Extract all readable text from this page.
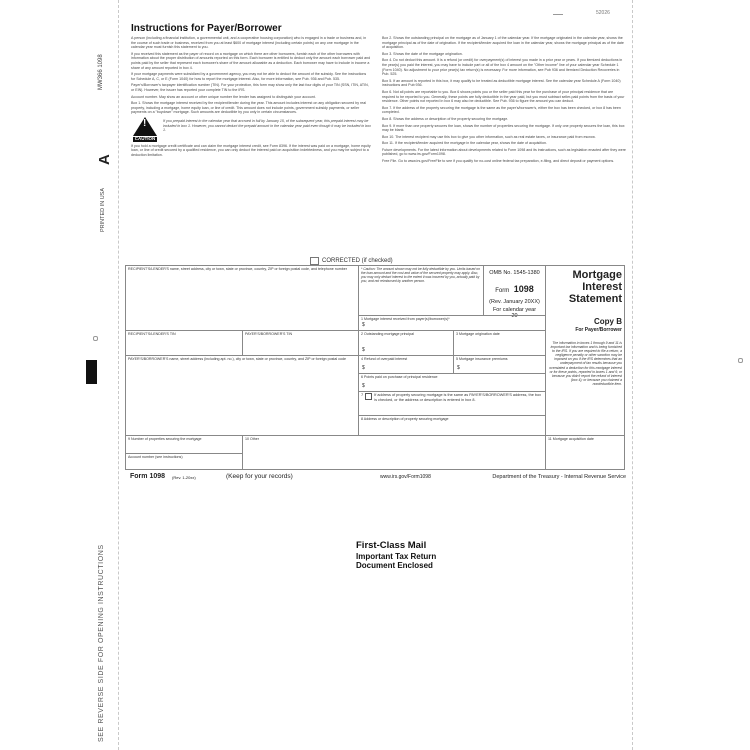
MW366 1098
A
PRINTED IN USA
SEE REVERSE SIDE FOR OPENING INSTRUCTIONS
52026
Instructions for Payer/Borrower

A person (including a financial institution, a governmental unit, and a cooperative housing corporation) who is engaged in a trade or business and, in the course of such trade or business, received from you at least $600 of mortgage interest (including certain points) on any one mortgage in the calendar year must furnish this statement to you.

If you received this statement as the payer of record on a mortgage on which there are other borrowers, furnish each of the other borrowers with information about the proper distribution of amounts reported on this form. Each borrower is entitled to deduct only the amount each borrower paid and points paid by the seller that represent each borrower's share of the amount allowable as a deduction. Each borrower may have to include in income a share of any amount reported in box 4.

If your mortgage payments were subsidized by a government agency, you may not be able to deduct the amount of the subsidy. See the instructions for Schedule A, C, or E (Form 1040) for how to report the mortgage interest. Also, for more information, see Pub. 936 and Pub. 535.

Payer's/Borrower's taxpayer identification number (TIN). For your protection, this form may show only the last four digits of your TIN (SSN, ITIN, ATIN, or EIN). However, the issuer has reported your complete TIN to the IRS.

Account number. May show an account or other unique number the lender has assigned to distinguish your account.

Box 1. Shows the mortgage interest received by the recipient/lender during the year. This amount includes interest on any obligation secured by real property, including a mortgage, home equity loan, or line of credit. This amount does not include points, government subsidy payments, or seller payments on a "buydown" mortgage. Such amounts are deductible by you only in certain circumstances.

!
CAUTION
If you prepaid interest in the calendar year that accrued in full by January 15, of the subsequent year, this prepaid interest may be included in box 1. However, you cannot deduct the prepaid amount in the calendar year paid even though it may be included in box 1.

If you hold a mortgage credit certificate and can claim the mortgage interest credit, see Form 8396. If the interest was paid on a mortgage, home equity loan, or line of credit secured by a qualified residence, you can only deduct the interest paid on acquisition indebtedness, and you may be subject to a deduction limitation.

Box 2. Shows the outstanding principal on the mortgage as of January 1 of the calendar year. If the mortgage originated in the calendar year, shows the mortgage principal as of the date of origination. If the recipient/lender acquired the loan in the calendar year, shows the mortgage principal as of the date of acquisition.

Box 3. Shows the date of the mortgage origination.

Box 4. Do not deduct this amount. It is a refund (or credit) for overpayment(s) of interest you made in a prior year or years. If you itemized deductions in the year(s) you paid the interest, you may have to include part or all of the box 4 amount on the "Other income" line of your calendar year Schedule 1 (Form 1040). No adjustment to your prior year(s) tax return(s) is necessary. For more information, see Pub 936 and Itemized Deduction Recoveries in Pub. 525.

Box 5. If an amount is reported in this box, it may qualify to be treated as deductible mortgage interest. See the calendar year Schedule A (Form 1040) instructions and Pub 936.

Box 6. Not all points are reportable to you. Box 6 shows points you or the seller paid this year for the purchase of your principal residence that are required to be reported to you. Generally, these points are fully deductible in the year paid, but you must subtract seller-paid points from the basis of your residence. Other points not reported in box 6 may also be deductible. See Pub. 936 to figure the amount you can deduct.

Box 7. If the address of the property securing the mortgage is the same as the payer's/borrower's, either the box has been checked, or box 8 has been completed.

Box 8. Shows the address or description of the property securing the mortgage.

Box 9. If more than one property secures the loan, shows the number of properties securing the mortgage. If only one property secures the loan, this box may be blank.

Box 10. The interest recipient may use this box to give you other information, such as real estate taxes, or insurance paid from escrow.

Box 11. If the recipient/lender acquired the mortgage in the calendar year, shows the date of acquisition.

Future developments. For the latest information about developments related to Form 1098 and its instructions, such as legislation enacted after they were published, go to www.irs.gov/Form1098.

Free File. Go to www.irs.gov/FreeFile to see if you qualify for no-cost online federal tax preparation, e-filing, and direct deposit or payment options.

CORRECTED (if checked)
RECIPIENT'S/LENDER'S name, street address, city or town, state or province, country, ZIP or foreign postal code, and telephone number	* Caution: The amount shown may not be fully deductible by you. Limits based on the loan amount and the cost and value of the secured property may apply. Also, you may only deduct interest to the extent it was incurred by you, actually paid by you, and not reimbursed by another person.
OMB No. 1545-1380
Form 1098
(Rev. January 20XX)
For calendar year
20
Mortgage
Interest
Statement
Copy B
For Payer/Borrower
The information in boxes 1 through 9 and 11 is important tax information and is being furnished to the IRS. If you are required to file a return, a negligence penalty or other sanction may be imposed on you if the IRS determines that an underpayment of tax results because you overstated a deduction for this mortgage interest or for these points, reported in boxes 1 and 6; or because you didn't report the refund of interest (box 4); or because you claimed a nondeductible item.
1 Mortgage interest received from payer(s)/borrower(s)*
$
RECIPIENT'S/LENDER'S TIN	PAYER'S/BORROWER'S TIN	2 Outstanding mortgage principal
$
3 Mortgage origination date
PAYER'S/BORROWER'S name, street address (including apt. no.), city or town, state or province, country, and ZIP or foreign postal code	4 Refund of overpaid interest
$
5 Mortgage insurance premiums
$
6 Points paid on purchase of principal residence
$
7	If address of property securing mortgage is the same as PAYER'S/BORROWER'S address, the box is checked, or the address or description is entered in box 8.
8 Address or description of property securing mortgage
9 Number of properties securing the mortgage	10 Other	11 Mortgage acquisition date
Account number (see instructions)
Form 1098 (Rev. 1-20xx)	(Keep for your records)	www.irs.gov/Form1098	Department of the Treasury - Internal Revenue Service
First-Class Mail
Important Tax Return
Document Enclosed
